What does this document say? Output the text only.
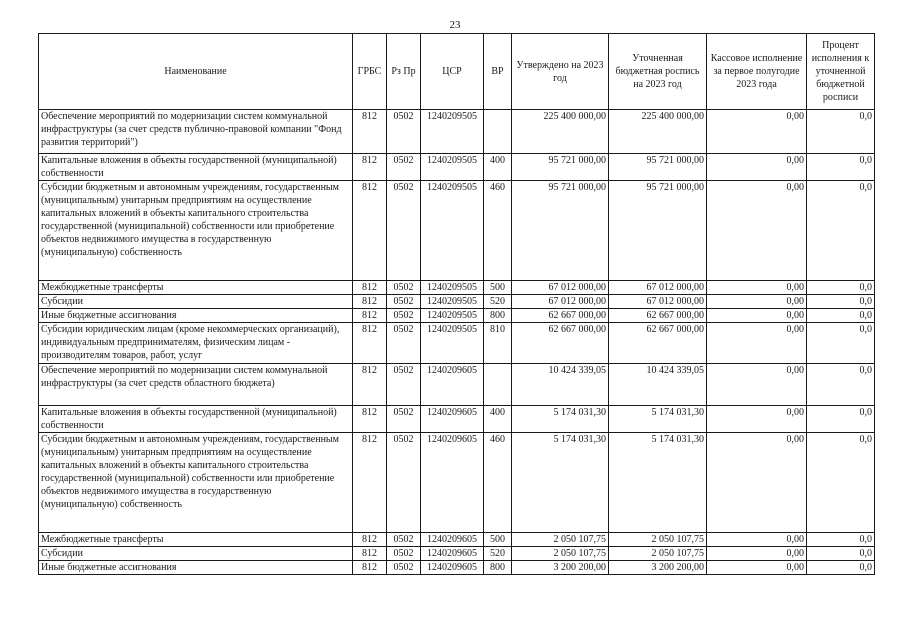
23
Наименование	ГРБС	Рз Пр	ЦСР	ВР	Утверждено на 2023 год	Уточненная бюджетная роспись на 2023 год	Кассовое исполнение за первое полугодие 2023 года	Процент исполнения к уточненной бюджетной росписи
Обеспечение мероприятий по модернизации систем коммунальной инфраструктуры (за счет средств публично-правовой компании "Фонд развития территорий")	812	0502	1240209505		225 400 000,00	225 400 000,00	0,00	0,0
Капитальные вложения в объекты государственной (муниципальной) собственности	812	0502	1240209505	400	95 721 000,00	95 721 000,00	0,00	0,0
Субсидии бюджетным и автономным учреждениям, государственным (муниципальным) унитарным предприятиям на осуществление капитальных вложений в объекты капитального строительства государственной (муниципальной) собственности или приобретение объектов недвижимого имущества в государственную (муниципальную) собственность	812	0502	1240209505	460	95 721 000,00	95 721 000,00	0,00	0,0
Межбюджетные трансферты	812	0502	1240209505	500	67 012 000,00	67 012 000,00	0,00	0,0
Субсидии	812	0502	1240209505	520	67 012 000,00	67 012 000,00	0,00	0,0
Иные бюджетные ассигнования	812	0502	1240209505	800	62 667 000,00	62 667 000,00	0,00	0,0
Субсидии юридическим лицам (кроме некоммерческих организаций), индивидуальным предпринимателям, физическим лицам - производителям товаров, работ, услуг	812	0502	1240209505	810	62 667 000,00	62 667 000,00	0,00	0,0
Обеспечение мероприятий по модернизации систем коммунальной инфраструктуры (за счет средств областного бюджета)	812	0502	1240209605		10 424 339,05	10 424 339,05	0,00	0,0
Капитальные вложения в объекты государственной (муниципальной) собственности	812	0502	1240209605	400	5 174 031,30	5 174 031,30	0,00	0,0
Субсидии бюджетным и автономным учреждениям, государственным (муниципальным) унитарным предприятиям на осуществление капитальных вложений в объекты капитального строительства государственной (муниципальной) собственности или приобретение объектов недвижимого имущества в государственную (муниципальную) собственность	812	0502	1240209605	460	5 174 031,30	5 174 031,30	0,00	0,0
Межбюджетные трансферты	812	0502	1240209605	500	2 050 107,75	2 050 107,75	0,00	0,0
Субсидии	812	0502	1240209605	520	2 050 107,75	2 050 107,75	0,00	0,0
Иные бюджетные ассигнования	812	0502	1240209605	800	3 200 200,00	3 200 200,00	0,00	0,0
